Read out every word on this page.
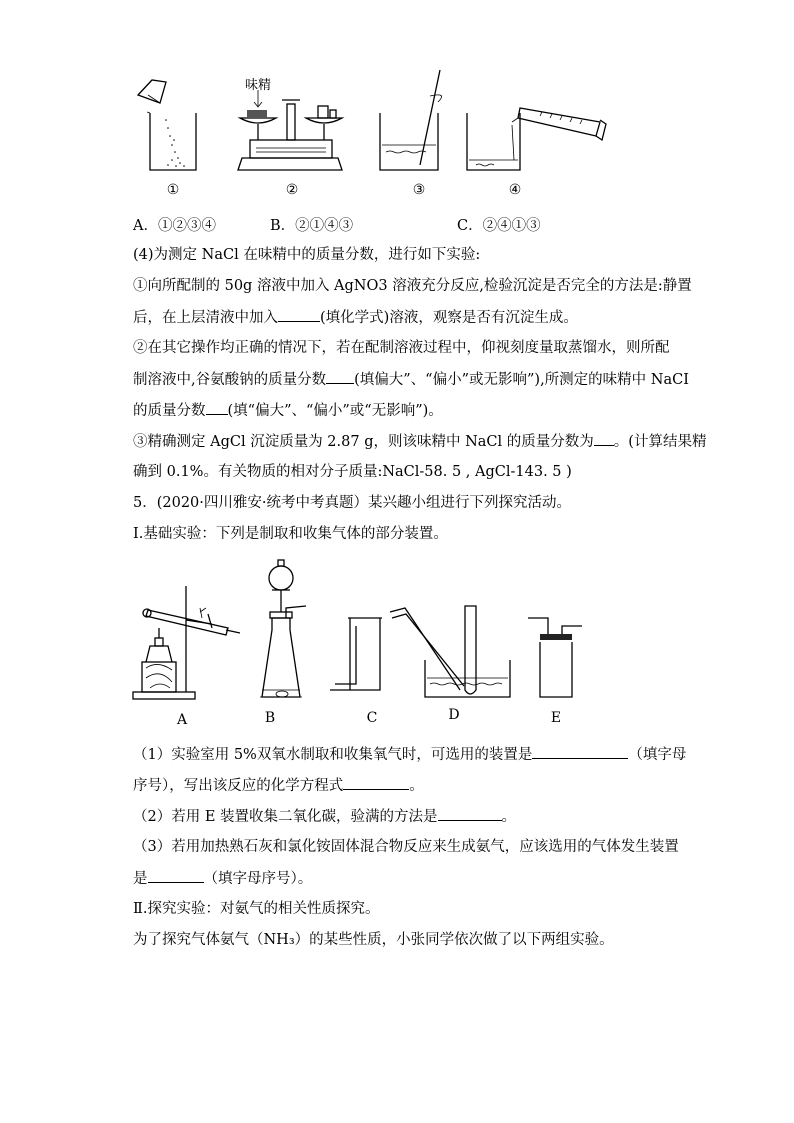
味精
①	②	③	④
A．①②③④	B．②①④③	C．②④①③
(4)为测定 NaCl 在味精中的质量分数，进行如下实验:
①向所配制的 50g 溶液中加入 AgNO3 溶液充分反应,检验沉淀是否完全的方法是:静置
后，在上层清液中加入	(填化学式)溶液，观察是否有沉淀生成。
②在其它操作均正确的情况下，若在配制溶液过程中，仰视刻度量取蒸馏水，则所配
制溶液中,谷氨酸钠的质量分数 (填偏大”、“偏小”或无影响”),所测定的味精中 NaCI
的质量分数 (填“偏大”、“偏小”或“无影响”)。
③精确测定 AgCl 沉淀质量为 2.87 g，则该味精中 NaCl 的质量分数为 。(计算结果精
确到 0.1%。有关物质的相对分子质量:NaCl-58. 5 , AgCl-143. 5 )
5．(2020·四川雅安·统考中考真题）某兴趣小组进行下列探究活动。
I.基础实验：下列是制取和收集气体的部分装置。
A	B	C	D	E
（1）实验室用 5%双氧水制取和收集氧气时，可选用的装置是	（填字母
序号），写出该反应的化学方程式	。
（2）若用 E 装置收集二氧化碳，验满的方法是	。
（3）若用加热熟石灰和氯化铵固体混合物反应来生成氨气，应该选用的气体发生装置
是	（填字母序号）。
Ⅱ.探究实验：对氨气的相关性质探究。
为了探究气体氨气（NH₃）的某些性质，小张同学依次做了以下两组实验。
